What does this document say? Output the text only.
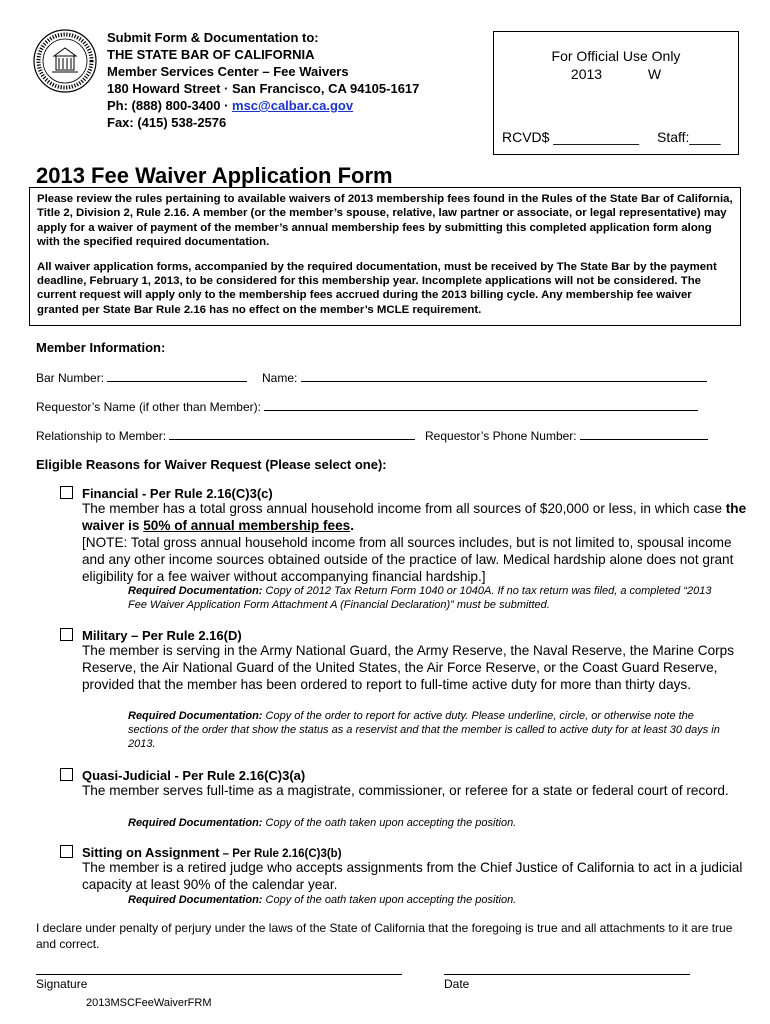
Submit Form & Documentation to:
THE STATE BAR OF CALIFORNIA
Member Services Center – Fee Waivers
180 Howard Street · San Francisco, CA 94105-1617
Ph: (888) 800-3400 · msc@calbar.ca.gov
Fax: (415) 538-2576
For Official Use Only
2013	W
RCVD$ ___________ Staff:____
2013 Fee Waiver Application Form

Please review the rules pertaining to available waivers of 2013 membership fees found in the Rules of the State Bar of California, Title 2, Division 2, Rule 2.16. A member (or the member’s spouse, relative, law partner or associate, or legal representative) may apply for a waiver of payment of the member’s annual membership fees by submitting this completed application form along with the specified required documentation.

All waiver application forms, accompanied by the required documentation, must be received by The State Bar by the payment deadline, February 1, 2013, to be considered for this membership year. Incomplete applications will not be considered. The current request will apply only to the membership fees accrued during the 2013 billing cycle. Any membership fee waiver granted per State Bar Rule 2.16 has no effect on the member’s MCLE requirement.

Member Information:
Bar Number:	Name:
Requestor’s Name (if other than Member):
Relationship to Member:	Requestor’s Phone Number:
Eligible Reasons for Waiver Request (Please select one):
Financial - Per Rule 2.16(C)3(c)

The member has a total gross annual household income from all sources of $20,000 or less, in which case the waiver is 50% of annual membership fees.

[NOTE: Total gross annual household income from all sources includes, but is not limited to, spousal income and any other income sources obtained outside of the practice of law. Medical hardship alone does not grant eligibility for a fee waiver without accompanying financial hardship.]

Required Documentation: Copy of 2012 Tax Return Form 1040 or 1040A. If no tax return was filed, a completed “2013 Fee Waiver Application Form Attachment A (Financial Declaration)” must be submitted.
Military – Per Rule 2.16(D)

The member is serving in the Army National Guard, the Army Reserve, the Naval Reserve, the Marine Corps Reserve, the Air National Guard of the United States, the Air Force Reserve, or the Coast Guard Reserve, provided that the member has been ordered to report to full-time active duty for more than thirty days.

Required Documentation: Copy of the order to report for active duty. Please underline, circle, or otherwise note the sections of the order that show the status as a reservist and that the member is called to active duty for at least 30 days in 2013.
Quasi-Judicial - Per Rule 2.16(C)3(a)

The member serves full-time as a magistrate, commissioner, or referee for a state or federal court of record.

Required Documentation: Copy of the oath taken upon accepting the position.
Sitting on Assignment – Per Rule 2.16(C)3(b)

The member is a retired judge who accepts assignments from the Chief Justice of California to act in a judicial capacity at least 90% of the calendar year.

Required Documentation: Copy of the oath taken upon accepting the position.
I declare under penalty of perjury under the laws of the State of California that the foregoing is true and all attachments to it are true and correct.
Signature	Date
2013MSCFeeWaiverFRM
